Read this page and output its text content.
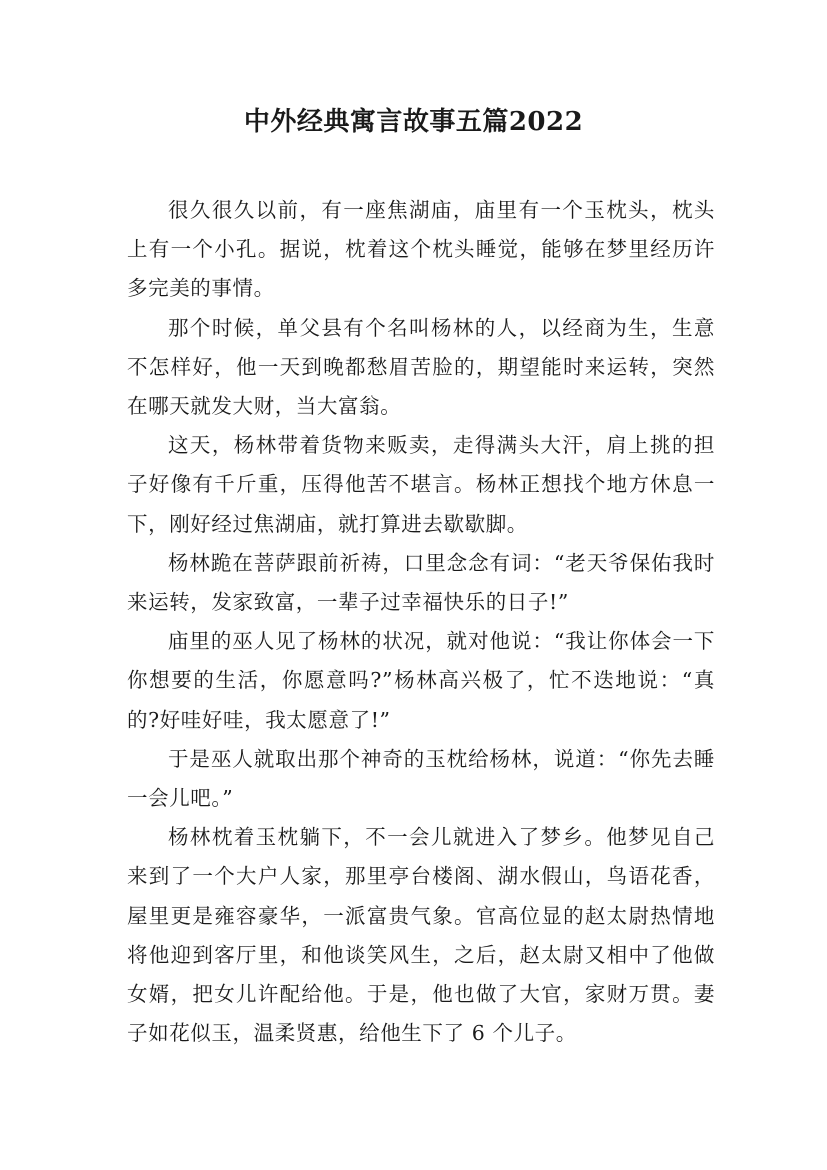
中外经典寓言故事五篇2022

很久很久以前，有一座焦湖庙，庙里有一个玉枕头，枕头上有一个小孔。据说，枕着这个枕头睡觉，能够在梦里经历许多完美的事情。

那个时候，单父县有个名叫杨林的人，以经商为生，生意不怎样好，他一天到晚都愁眉苦脸的，期望能时来运转，突然在哪天就发大财，当大富翁。

这天，杨林带着货物来贩卖，走得满头大汗，肩上挑的担子好像有千斤重，压得他苦不堪言。杨林正想找个地方休息一下，刚好经过焦湖庙，就打算进去歇歇脚。

杨林跪在菩萨跟前祈祷，口里念念有词：“老天爷保佑我时来运转，发家致富，一辈子过幸福快乐的日子!”

庙里的巫人见了杨林的状况，就对他说：“我让你体会一下你想要的生活，你愿意吗?”杨林高兴极了，忙不迭地说：“真的?好哇好哇，我太愿意了!”

于是巫人就取出那个神奇的玉枕给杨林，说道：“你先去睡一会儿吧。”

杨林枕着玉枕躺下，不一会儿就进入了梦乡。他梦见自己来到了一个大户人家，那里亭台楼阁、湖水假山，鸟语花香，屋里更是雍容豪华，一派富贵气象。官高位显的赵太尉热情地将他迎到客厅里，和他谈笑风生，之后，赵太尉又相中了他做女婿，把女儿许配给他。于是，他也做了大官，家财万贯。妻子如花似玉，温柔贤惠，给他生下了 6 个儿子。
